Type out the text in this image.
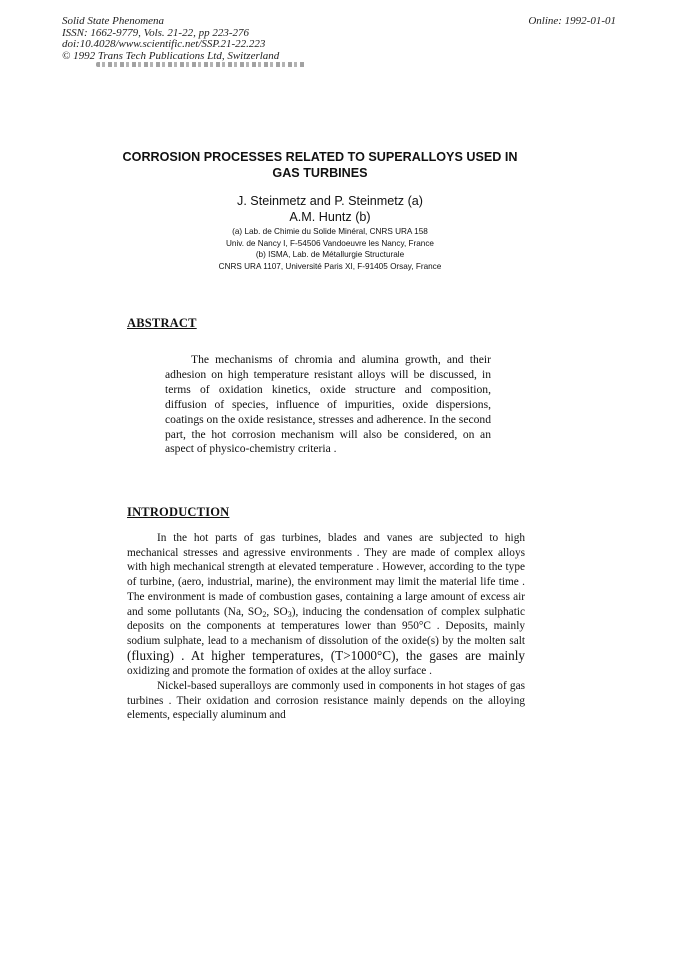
Solid State Phenomena
ISSN: 1662-9779, Vols. 21-22, pp 223-276
doi:10.4028/www.scientific.net/SSP.21-22.223
© 1992 Trans Tech Publications Ltd, Switzerland
Online: 1992-01-01
CORROSION PROCESSES RELATED TO SUPERALLOYS USED IN
GAS TURBINES
J. Steinmetz and P. Steinmetz (a)
A.M. Huntz (b)
(a) Lab. de Chimie du Solide Minéral, CNRS URA 158
Univ. de Nancy I, F-54506 Vandoeuvre les Nancy, France
(b) ISMA, Lab. de Métallurgie Structurale
CNRS URA 1107, Université Paris XI, F-91405 Orsay, France
ABSTRACT

The mechanisms of chromia and alumina growth, and their adhesion on high temperature resistant alloys will be discussed, in terms of oxidation kinetics, oxide structure and composition, diffusion of species, influence of impurities, oxide dispersions, coatings on the oxide resistance, stresses and adherence. In the second part, the hot corrosion mechanism will also be considered, on an aspect of physico-chemistry criteria .

INTRODUCTION

In the hot parts of gas turbines, blades and vanes are subjected to high mechanical stresses and agressive environments . They are made of complex alloys with high mechanical strength at elevated temperature . However, according to the type of turbine, (aero, industrial, marine), the environment may limit the material life time . The environment is made of combustion gases, containing a large amount of excess air and some pollutants (Na, $SO_2$, $SO_3$), inducing the condensation of complex sulphatic deposits on the components at temperatures lower than 950°C . Deposits, mainly sodium sulphate, lead to a mechanism of dissolution of the oxide(s) by the molten salt (fluxing) . At higher temperatures, (T>1000°C), the gases are mainly oxidizing and promote the formation of oxides at the alloy surface .

Nickel-based superalloys are commonly used in components in hot stages of gas turbines . Their oxidation and corrosion resistance mainly depends on the alloying elements, especially aluminum and
